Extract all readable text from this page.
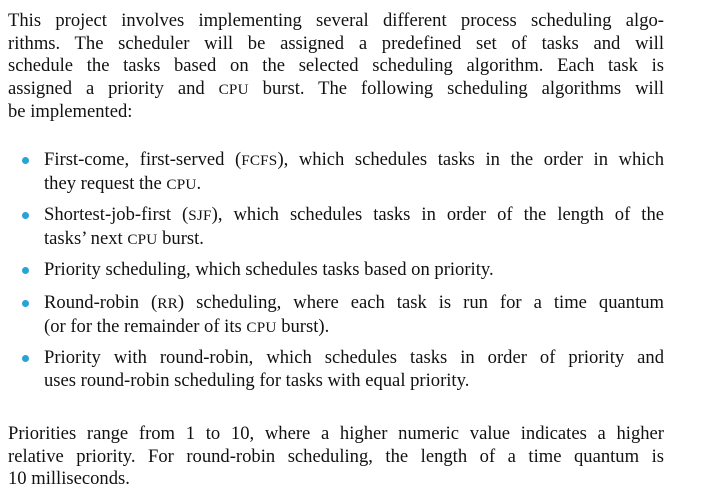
This project involves implementing several different process scheduling algo-
rithms. The scheduler will be assigned a predefined set of tasks and will
schedule the tasks based on the selected scheduling algorithm. Each task is
assigned a priority and CPU burst. The following scheduling algorithms will
be implemented:
First-come, first-served (FCFS), which schedules tasks in the order in which
they request the CPU.
Shortest-job-first (SJF), which schedules tasks in order of the length of the
tasks’ next CPU burst.
Priority scheduling, which schedules tasks based on priority.
Round-robin (RR) scheduling, where each task is run for a time quantum
(or for the remainder of its CPU burst).
Priority with round-robin, which schedules tasks in order of priority and
uses round-robin scheduling for tasks with equal priority.
Priorities range from 1 to 10, where a higher numeric value indicates a higher
relative priority. For round-robin scheduling, the length of a time quantum is
10 milliseconds.
